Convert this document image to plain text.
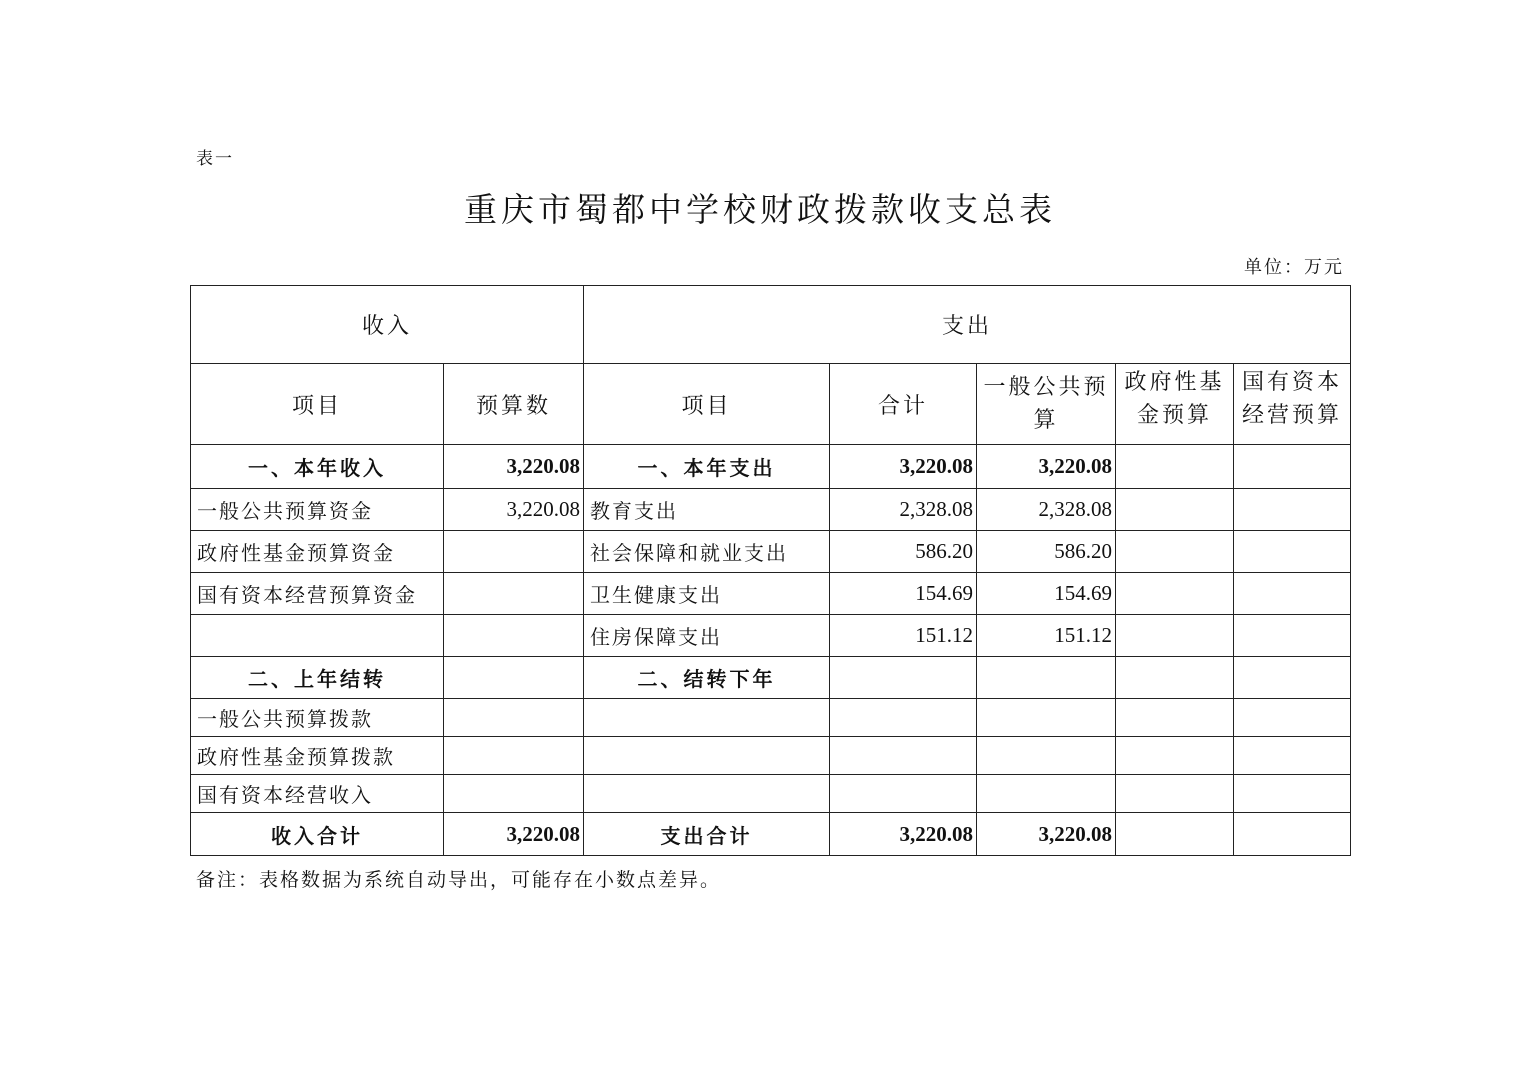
表一
重庆市蜀都中学校财政拨款收支总表
单位：万元
收入		支出				
项目	预算数	项目	合计	一般公共预算	政府性基金预算	国有资本经营预算

一、本年收入	3,220.08	一、本年支出	3,220.08	3,220.08		
一般公共预算资金	3,220.08	教育支出	2,328.08	2,328.08		
政府性基金预算资金		社会保障和就业支出	586.20	586.20		
国有资本经营预算资金		卫生健康支出	154.69	154.69		
		住房保障支出	151.12	151.12		
二、上年结转		二、结转下年				
一般公共预算拨款						
政府性基金预算拨款						
国有资本经营收入						
收入合计	3,220.08	支出合计	3,220.08	3,220.08		
备注：表格数据为系统自动导出，可能存在小数点差异。
